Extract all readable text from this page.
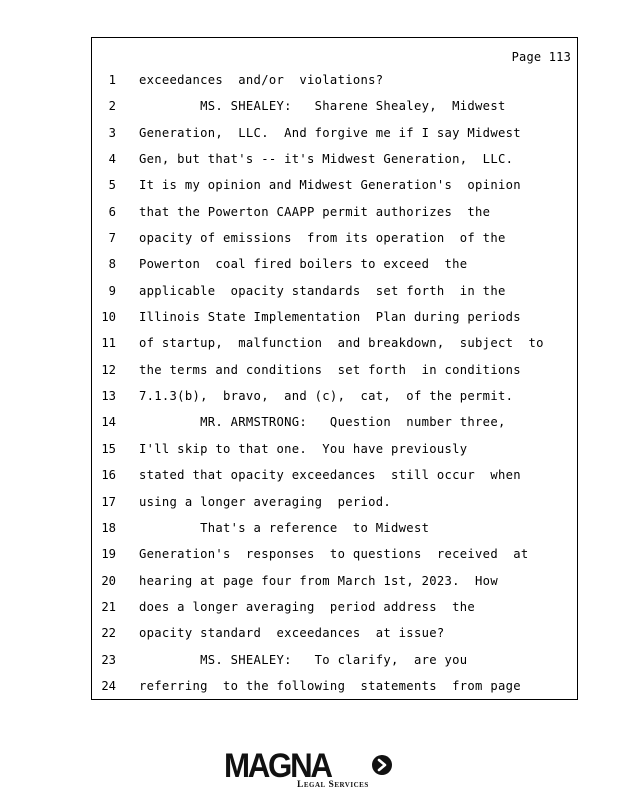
Page 113
1 exceedances  and/or  violations?
2 MS. SHEALEY:   Sharene Shealey,  Midwest
3 Generation,  LLC.  And forgive me if I say Midwest
4 Gen, but that's -- it's Midwest Generation,  LLC.
5 It is my opinion and Midwest Generation's  opinion
6 that the Powerton CAAPP permit authorizes  the
7 opacity of emissions  from its operation  of the
8 Powerton  coal fired boilers to exceed  the
9 applicable  opacity standards  set forth  in the
10 Illinois State Implementation  Plan during periods
11 of startup,  malfunction  and breakdown,  subject  to
12 the terms and conditions  set forth  in conditions
13 7.1.3(b),  bravo,  and (c),  cat,  of the permit.
14 MR. ARMSTRONG:   Question  number three,
15 I'll skip to that one.  You have previously
16 stated that opacity exceedances  still occur  when
17 using a longer averaging  period.
18 That's a reference  to Midwest
19 Generation's  responses  to questions  received  at
20 hearing at page four from March 1st, 2023.  How
21 does a longer averaging  period address  the
22 opacity standard  exceedances  at issue?
23 MS. SHEALEY:   To clarify,  are you
24 referring  to the following  statements  from page
MAGNA
Legal Services
